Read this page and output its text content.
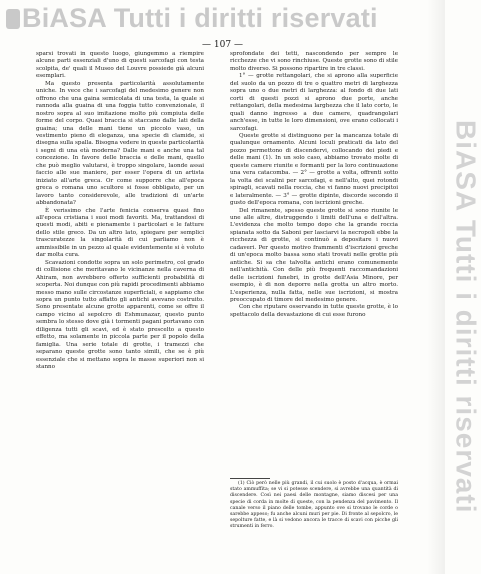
BiASA Tutti i diritti riservati
BiASA Tutti i diritti riservati
— 107 —

sparsi trovati in questo luogo, giungemmo a riempire alcune parti essenziali d'uno di questi sarcofagi con testa scolpita, de' quali il Museo del Louvre possiede già alcuni esemplari.

Ma questo presenta particolarità assolutamente uniche. In vece che i sarcofagi del medesimo genere non offrono che una gaina semicolata di una testa, la quale si rannoda alla guaina di una foggia tutto convenzionale, il nostro sopra al suo imitazione molto più compiuta delle forme del corpo. Quasi braccia si staccano dalle lati della guaina; una delle mani tiene un piccolo vaso, un vestimento pieno di eleganza, una specie di clamide, si disegna sulla spalla. Bisogna vedere in queste particolarità i segni di una età moderna? Dalle mani e anche una tal concezione. In favore delle braccia e delle mani, quello che può meglio valutarsi, è troppo singolare, laonde assai faccio alle sue maniere, per esser l'opera di un artista iniziato all'arte greca. Or come supporre che all'epoca greca o romana uno scultore si fosse obbligato, per un lavoro tanto considerevole, alle tradizioni di un'arte abbandonata?

È verissimo che l'arte fenicia conserva quasi fino all'epoca cristiana i suoi modi favoriti. Ma, trattandosi di questi modi, abiti e pienamente i particolari e le fatture dello stile greco. Da un altro lato, spiegare per semplici trascuratezze la singolarità di cui parliamo non è ammissibile in un pezzo al quale evidentemente si è voluto dar molta cura.

Scavazioni condotte sopra un solo perimetro, col grado di collisione che meritavano le vicinanze nella caverna di Ahiram, non avrebbero offerto sufficienti probabilità di scoperta. Noi dunque con più rapidi procedimenti abbiamo messo mano sulle circostanze superficiali, e sappiamo che sopra un punto tutto affatto gli antichi avevano costruito. Sono presentate alcune grotte apparenti, come se offre il campo vicino al sepolcro di Eshmunazar, questo punto sembra lo stesso dove già i tormenti pagani portavano con diligenza tutti gli scavi, ed è stato prescelto a questo effetto, ma solamente in piccola parte per il popolo della famiglia. Una serie totale di grotte, i tramezzi che separano queste grotte sono tanto simili, che se è più essenziale che si mettano sopra le masse superiori non si stanno

sprofondate dei tetti, nascondendo per sempre le ricchezze che vi sono rinchiuse. Queste grotte sono di stile molto diverso. Si possono ripartire in tre classi.

1° — grotte rettangolari, che si aprono alla superficie del suolo da un pozzo di tre o quattro metri di larghezza sopra uno o due metri di larghezza: al fondo di due lati corti di questi pozzi si aprono due porte, anche rettangolari, della medesima larghezza che il lato corto, le quali danno ingresso a due camere, quadrangolari anch'esse, in tutte le loro dimensioni, ove erano collocati i sarcofagi.

Queste grotte si distinguono per la mancanza totale di qualunque ornamento. Alcuni loculi praticati da lato del pozzo permettono di discendervi, collocando dei piedi e delle mani (1). In un solo caso, abbiamo trovato molte di queste camere riunite e formanti per la loro continuazione una vera catacomba. — 2° — grotte a volta, offrenti sotto la volta dei scalini per sarcofagi, e nell'alto, quei rotondi spiragli, scavati nella roccia, che vi fanno nuovi precipitoi e lateralmente. — 3° — grotte dipinte, discorde secondo il gusto dell'epoca romana, con iscrizioni greche.

Del rimanente, spesso queste grotte si sono riunite le une alle altre, distruggendo i limiti dell'una e dell'altra. L'evidenza che molto tempo dopo che la grande roccia spianata sotto da Saboni per lasciarvi la necropoli ebbe la ricchezza di grotte, si continuò a depositare i nuovi cadaveri. Per questo motivo frammenti d'iscrizioni greche di un'epoca molto bassa sono stati trovati nelle grotte più antiche. Si sa che talvolta antichi erano comunemente nell'antichità. Con delle più frequenti raccomandazioni delle iscrizioni funebri, in grotte dell'Asia Minore, per esempio, è di non deporre nella grotta un altro morto. L'esperienza, nulla fatta, nelle sue iscrizioni, si mostra preoccupato di timore del medesimo genere.

Con che riputare osservando in tutte queste grotte, è lo spettacolo della devastazione di cui esse furono

(1) Ciò però nelle più grandi, il cui suolo è posto d'acqua, è ormai stato ammuffita; se vi si potesse scendere, si avrebbe una quantità di discendere. Così nei paesi delle montagne, siamo discesi per una specie di corda in molte di queste, con la pendenza del pavimento. Il canale verso il piano delle tombe, appunto ove si trovano le corde o sarebbe appeso; fu anche alcuni muri per pie. Di fronte al sepolcro, le sepolture fatte, e là si vedono ancora le tracce di scavi con picche gli strumenti in ferro.
